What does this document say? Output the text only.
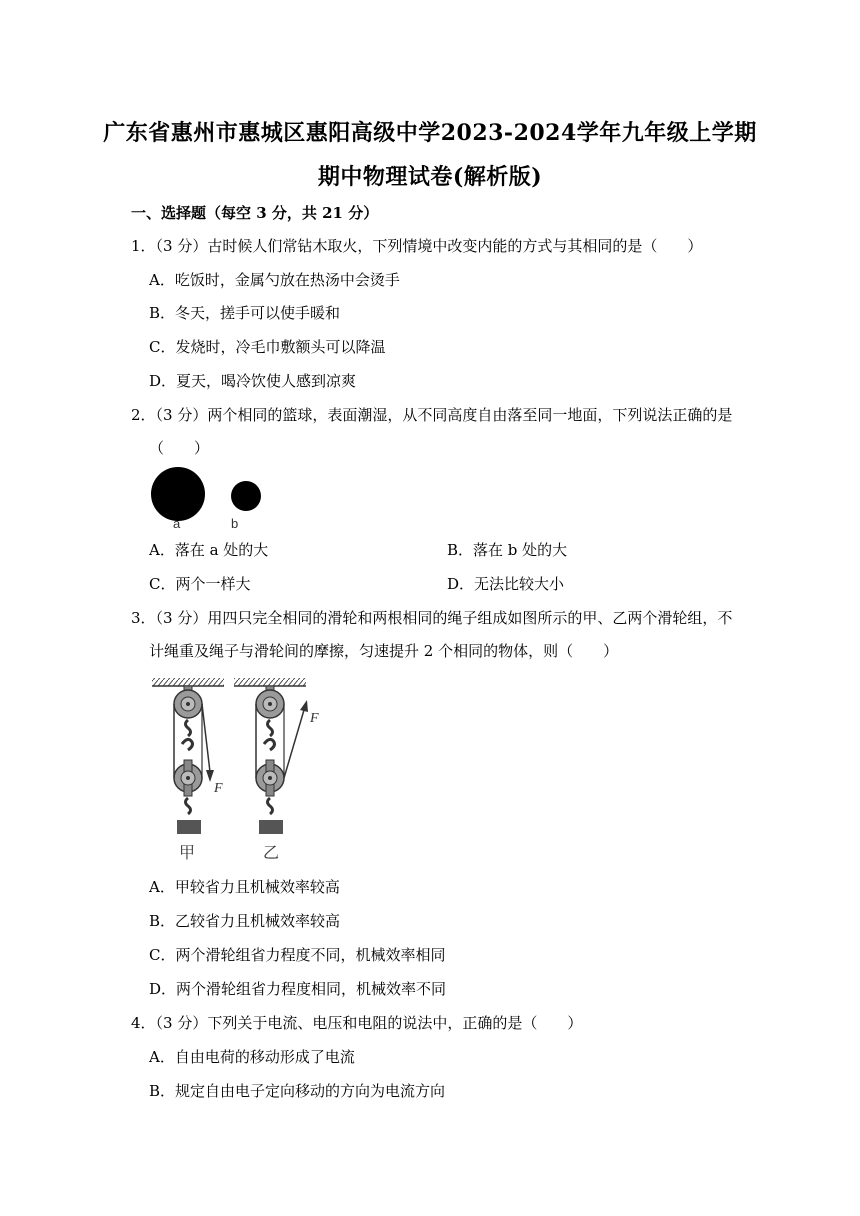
广东省惠州市惠城区惠阳高级中学2023-2024学年九年级上学期
期中物理试卷(解析版)
一、选择题（每空 3 分，共 21 分）
1．（3 分）古时候人们常钻木取火，下列情境中改变内能的方式与其相同的是（　　）
A．吃饭时，金属勺放在热汤中会烫手
B．冬天，搓手可以使手暖和
C．发烧时，冷毛巾敷额头可以降温
D．夏天，喝冷饮使人感到凉爽
2．（3 分）两个相同的篮球，表面潮湿，从不同高度自由落至同一地面，下列说法正确的是
（　　）
a	b
A．落在 a 处的大	B．落在 b 处的大
C．两个一样大	D．无法比较大小
3．（3 分）用四只完全相同的滑轮和两根相同的绳子组成如图所示的甲、乙两个滑轮组，不
计绳重及绳子与滑轮间的摩擦，匀速提升 2 个相同的物体，则（　　）
F
甲
F
乙
A．甲较省力且机械效率较高
B．乙较省力且机械效率较高
C．两个滑轮组省力程度不同，机械效率相同
D．两个滑轮组省力程度相同，机械效率不同
4．（3 分）下列关于电流、电压和电阻的说法中，正确的是（　　）
A．自由电荷的移动形成了电流
B．规定自由电子定向移动的方向为电流方向
